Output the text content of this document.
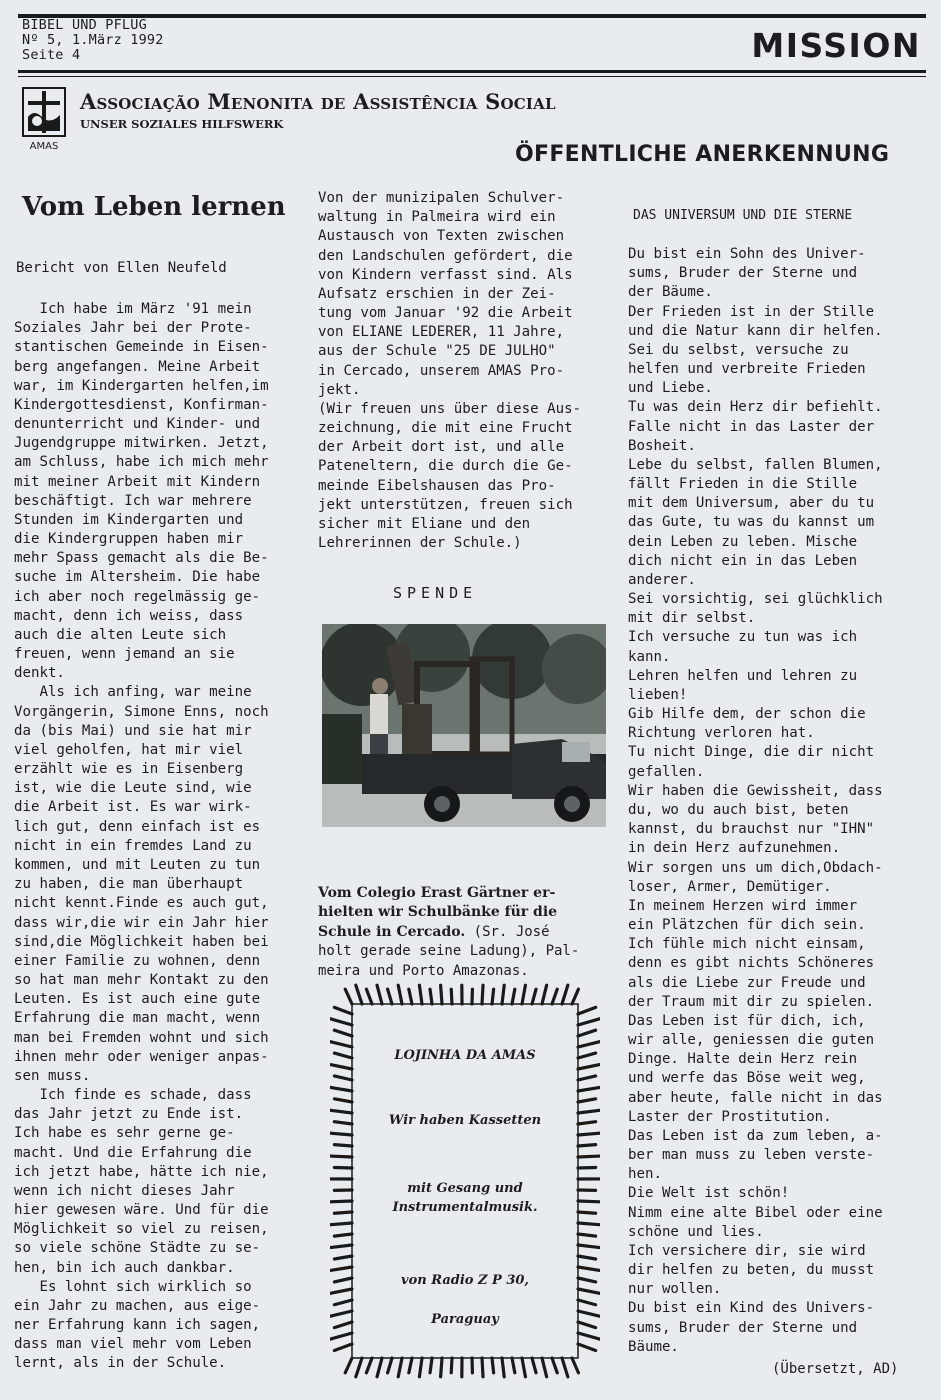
BIBEL UND PFLUG
Nº 5, 1.März 1992
Seite 4	MISSION
AMAS
Associação Menonita de Assistência Social
UNSER SOZIALES HILFSWERK
ÖFFENTLICHE ANERKENNUNG
Vom Leben lernen
Bericht von Ellen Neufeld
Ich habe im März '91 mein
Soziales Jahr bei der Prote-
stantischen Gemeinde in Eisen-
berg angefangen. Meine Arbeit
war, im Kindergarten helfen,im
Kindergottesdienst, Konfirman-
denunterricht und Kinder- und
Jugendgruppe mitwirken. Jetzt,
am Schluss, habe ich mich mehr
mit meiner Arbeit mit Kindern
beschäftigt. Ich war mehrere
Stunden im Kindergarten und
die Kindergruppen haben mir
mehr Spass gemacht als die Be-
suche im Altersheim. Die habe
ich aber noch regelmässig ge-
macht, denn ich weiss, dass
auch die alten Leute sich
freuen, wenn jemand an sie
denkt.
Als ich anfing, war meine
Vorgängerin, Simone Enns, noch
da (bis Mai) und sie hat mir
viel geholfen, hat mir viel
erzählt wie es in Eisenberg
ist, wie die Leute sind, wie
die Arbeit ist. Es war wirk-
lich gut, denn einfach ist es
nicht in ein fremdes Land zu
kommen, und mit Leuten zu tun
zu haben, die man überhaupt
nicht kennt.Finde es auch gut,
dass wir,die wir ein Jahr hier
sind,die Möglichkeit haben bei
einer Familie zu wohnen, denn
so hat man mehr Kontakt zu den
Leuten. Es ist auch eine gute
Erfahrung die man macht, wenn
man bei Fremden wohnt und sich
ihnen mehr oder weniger anpas-
sen muss.
Ich finde es schade, dass
das Jahr jetzt zu Ende ist.
Ich habe es sehr gerne ge-
macht. Und die Erfahrung die
ich jetzt habe, hätte ich nie,
wenn ich nicht dieses Jahr
hier gewesen wäre. Und für die
Möglichkeit so viel zu reisen,
so viele schöne Städte zu se-
hen, bin ich auch dankbar.
Es lohnt sich wirklich so
ein Jahr zu machen, aus eige-
ner Erfahrung kann ich sagen,
dass man viel mehr vom Leben
lernt, als in der Schule.
Von der munizipalen Schulver-
waltung in Palmeira wird ein
Austausch von Texten zwischen
den Landschulen gefördert, die
von Kindern verfasst sind. Als
Aufsatz erschien in der Zei-
tung vom Januar '92 die Arbeit
von ELIANE LEDERER, 11 Jahre,
aus der Schule "25 DE JULHO"
in Cercado, unserem AMAS Pro-
jekt.
(Wir freuen uns über diese Aus-
zeichnung, die mit eine Frucht
der Arbeit dort ist, und alle
Pateneltern, die durch die Ge-
meinde Eibelshausen das Pro-
jekt unterstützen, freuen sich
sicher mit Eliane und den
Lehrerinnen der Schule.)
SPENDE
Vom Colegio Erast Gärtner er-
hielten wir Schulbänke für die
Schule in Cercado. (Sr. José
holt gerade seine Ladung), Pal-
meira und Porto Amazonas.
LOJINHA DA AMAS
Wir haben Kassetten
mit Gesang und
Instrumentalmusik.
von Radio Z P 30,
Paraguay
DAS UNIVERSUM UND DIE STERNE
Du bist ein Sohn des Univer-
sums, Bruder der Sterne und
der Bäume.
Der Frieden ist in der Stille
und die Natur kann dir helfen.
Sei du selbst, versuche zu
helfen und verbreite Frieden
und Liebe.
Tu was dein Herz dir befiehlt.
Falle nicht in das Laster der
Bosheit.
Lebe du selbst, fallen Blumen,
fällt Frieden in die Stille
mit dem Universum, aber du tu
das Gute, tu was du kannst um
dein Leben zu leben. Mische
dich nicht ein in das Leben
anderer.
Sei vorsichtig, sei glüchklich
mit dir selbst.
Ich versuche zu tun was ich
kann.
Lehren helfen und lehren zu
lieben!
Gib Hilfe dem, der schon die
Richtung verloren hat.
Tu nicht Dinge, die dir nicht
gefallen.
Wir haben die Gewissheit, dass
du, wo du auch bist, beten
kannst, du brauchst nur "IHN"
in dein Herz aufzunehmen.
Wir sorgen uns um dich,Obdach-
loser, Armer, Demütiger.
In meinem Herzen wird immer
ein Plätzchen für dich sein.
Ich fühle mich nicht einsam,
denn es gibt nichts Schöneres
als die Liebe zur Freude und
der Traum mit dir zu spielen.
Das Leben ist für dich, ich,
wir alle, geniessen die guten
Dinge. Halte dein Herz rein
und werfe das Böse weit weg,
aber heute, falle nicht in das
Laster der Prostitution.
Das Leben ist da zum leben, a-
ber man muss zu leben verste-
hen.
Die Welt ist schön!
Nimm eine alte Bibel oder eine
schöne und lies.
Ich versichere dir, sie wird
dir helfen zu beten, du musst
nur wollen.
Du bist ein Kind des Univers-
sums, Bruder der Sterne und
Bäume.
(Übersetzt, AD)
